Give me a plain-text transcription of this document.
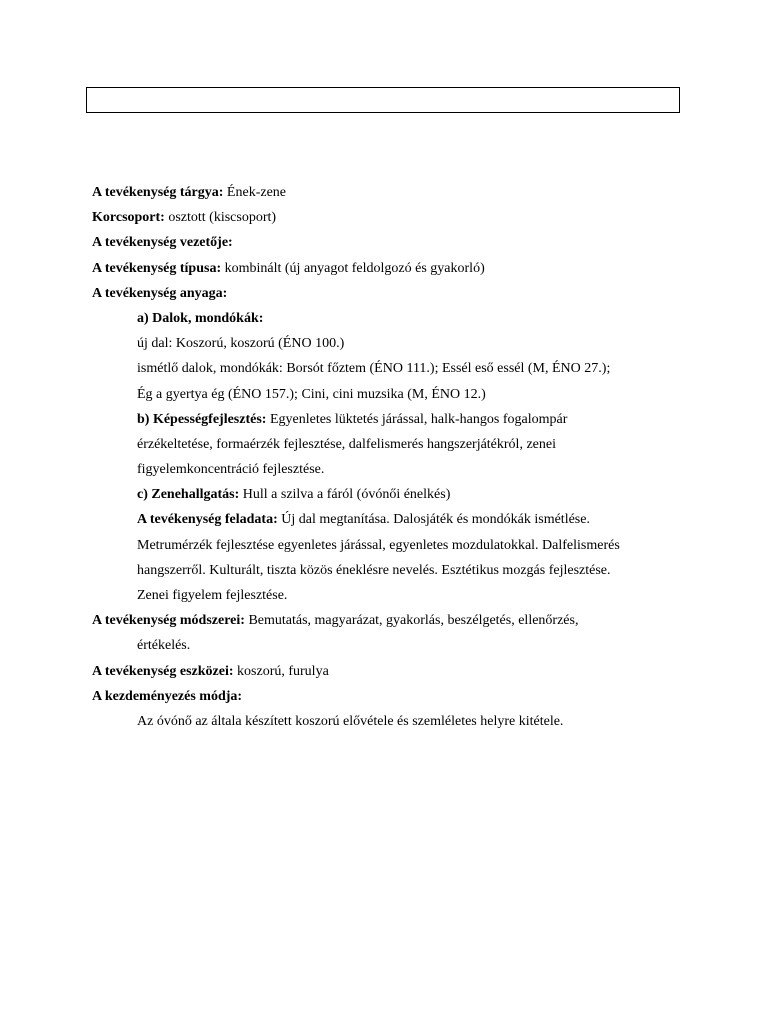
A tevékenység tárgya: Ének-zene
Korcsoport: osztott (kiscsoport)
A tevékenység vezetője:
A tevékenység típusa: kombinált (új anyagot feldolgozó és gyakorló)
A tevékenység anyaga:
a) Dalok, mondókák:
új dal: Koszorú, koszorú (ÉNO 100.)
ismétlő dalok, mondókák: Borsót főztem (ÉNO 111.); Essél eső essél (M, ÉNO 27.);
Ég a gyertya ég (ÉNO 157.); Cini, cini muzsika (M, ÉNO 12.)
b) Képességfejlesztés: Egyenletes lüktetés járással, halk-hangos fogalompár
érzékeltetése, formaérzék fejlesztése, dalfelismerés hangszerjátékról, zenei
figyelemkoncentráció fejlesztése.
c) Zenehallgatás: Hull a szilva a fáról (óvónői énelkés)
A tevékenység feladata: Új dal megtanítása. Dalosjáték és mondókák ismétlése.
Metrumérzék fejlesztése egyenletes járással, egyenletes mozdulatokkal. Dalfelismerés
hangszerről. Kulturált, tiszta közös éneklésre nevelés. Esztétikus mozgás fejlesztése.
Zenei figyelem fejlesztése.
A tevékenység módszerei: Bemutatás, magyarázat, gyakorlás, beszélgetés, ellenőrzés,
értékelés.
A tevékenység eszközei: koszorú, furulya
A kezdeményezés módja:
Az óvónő az általa készített koszorú elővétele és szemléletes helyre kitétele.
